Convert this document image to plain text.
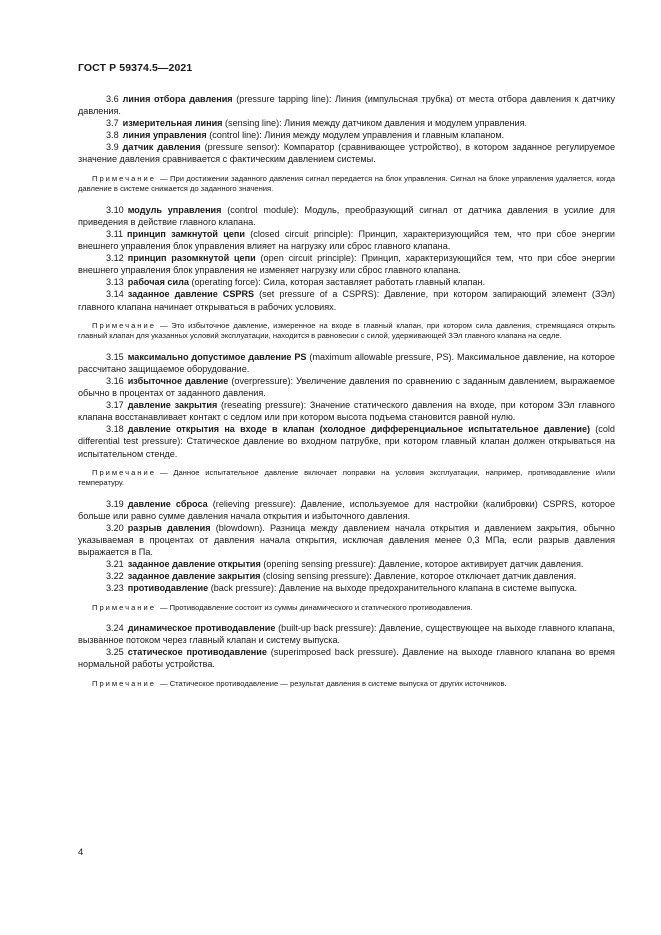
ГОСТ Р 59374.5—2021

3.6 линия отбора давления (pressure tapping line): Линия (импульсная трубка) от места отбора давления к датчику давления.

3.7 измерительная линия (sensing line): Линия между датчиком давления и модулем управления.

3.8 линия управления (control line): Линия между модулем управления и главным клапаном.

3.9 датчик давления (pressure sensor): Компаратор (сравнивающее устройство), в котором заданное регулируемое значение давления сравнивается с фактическим давлением системы.

Примечание — При достижении заданного давления сигнал передается на блок управления. Сигнал на блоке управления удаляется, когда давление в системе снижается до заданного значения.

3.10 модуль управления (control module): Модуль, преобразующий сигнал от датчика давления в усилие для приведения в действие главного клапана.

3.11 принцип замкнутой цепи (closed circuit principle): Принцип, характеризующийся тем, что при сбое энергии внешнего управления блок управления влияет на нагрузку или сброс главного клапана.

3.12 принцип разомкнутой цепи (open circuit principle): Принцип, характеризующийся тем, что при сбое энергии внешнего управления блок управления не изменяет нагрузку или сброс главного клапана.

3.13 рабочая сила (operating force): Сила, которая заставляет работать главный клапан.

3.14 заданное давление CSPRS (set pressure of a CSPRS): Давление, при котором запирающий элемент (ЗЭл) главного клапана начинает открываться в рабочих условиях.

Примечание — Это избыточное давление, измеренное на входе в главный клапан, при котором сила давления, стремящаяся открыть главный клапан для указанных условий эксплуатации, находится в равновесии с силой, удерживающей ЗЭл главного клапана на седле.

3.15 максимально допустимое давление PS (maximum allowable pressure, PS). Максимальное давление, на которое рассчитано защищаемое оборудование.

3.16 избыточное давление (overpressure): Увеличение давления по сравнению с заданным давлением, выражаемое обычно в процентах от заданного давления.

3.17 давление закрытия (reseating pressure): Значение статического давления на входе, при котором ЗЭл главного клапана восстанавливает контакт с седлом или при котором высота подъема становится равной нулю.

3.18 давление открытия на входе в клапан (холодное дифференциальное испытательное давление) (cold differential test pressure): Статическое давление во входном патрубке, при котором главный клапан должен открываться на испытательном стенде.

Примечание — Данное испытательное давление включает поправки на условия эксплуатации, например, противодавление и/или температуру.

3.19 давление сброса (relieving pressure): Давление, используемое для настройки (калибровки) CSPRS, которое больше или равно сумме давления начала открытия и избыточного давления.

3.20 разрыв давления (blowdown). Разница между давлением начала открытия и давлением закрытия, обычно указываемая в процентах от давления начала открытия, исключая давления менее 0,3 МПа, если разрыв давления выражается в Па.

3.21 заданное давление открытия (opening sensing pressure): Давление, которое активирует датчик давления.

3.22 заданное давление закрытия (closing sensing pressure): Давление, которое отключает датчик давления.

3.23 противодавление (back pressure): Давление на выходе предохранительного клапана в системе выпуска.

Примечание — Противодавление состоит из суммы динамического и статического противодавления.

3.24 динамическое противодавление (built-up back pressure): Давление, существующее на выходе главного клапана, вызванное потоком через главный клапан и систему выпуска.

3.25 статическое противодавление (superimposed back pressure). Давление на выходе главного клапана во время нормальной работы устройства.

Примечание — Статическое противодавление — результат давления в системе выпуска от других источников.

4
